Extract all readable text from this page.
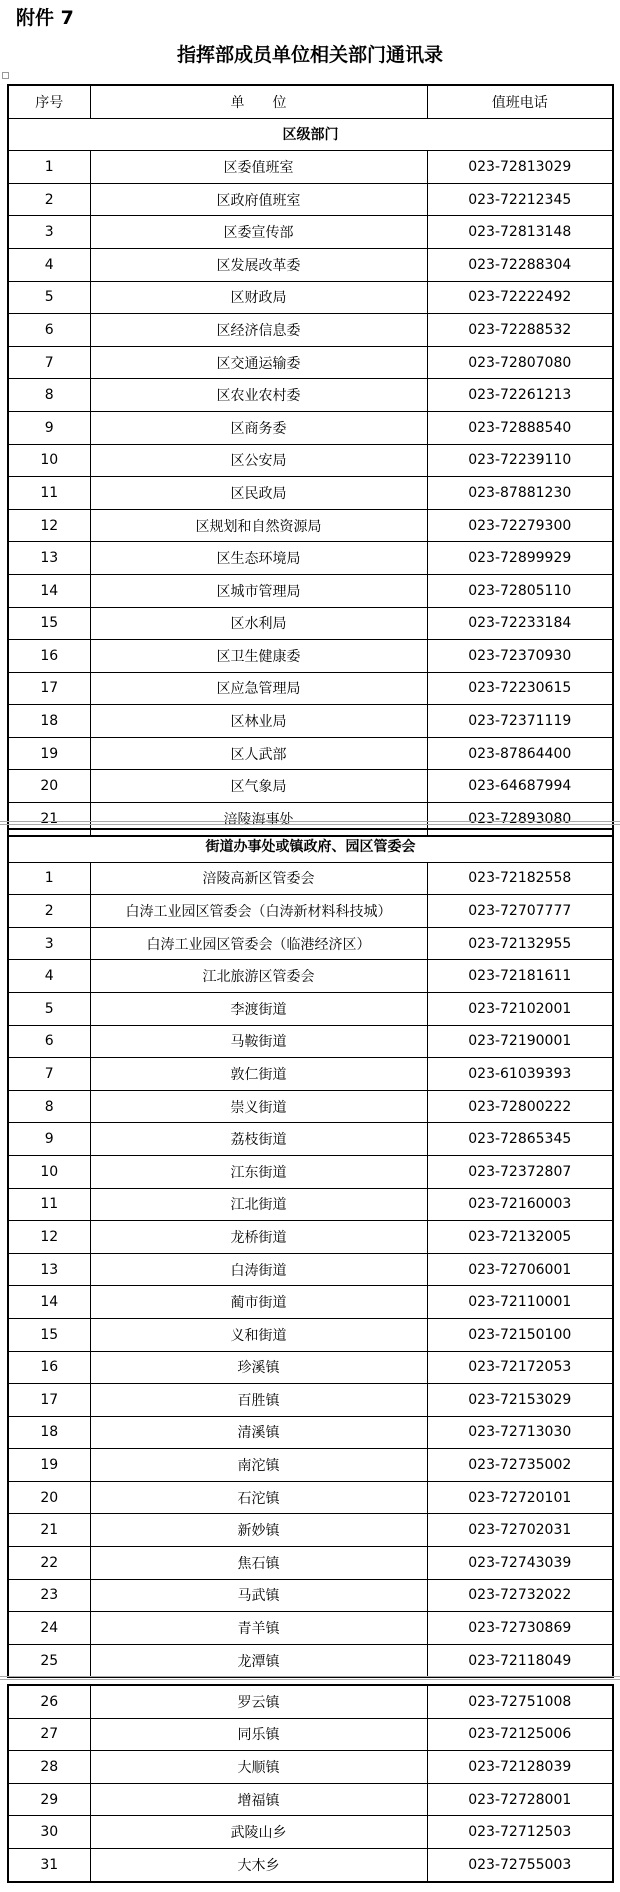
附件 7
指挥部成员单位相关部门通讯录
序号	单　　位	值班电话
区级部门		
1	区委值班室	023-72813029
2	区政府值班室	023-72212345
3	区委宣传部	023-72813148
4	区发展改革委	023-72288304
5	区财政局	023-72222492
6	区经济信息委	023-72288532
7	区交通运输委	023-72807080
8	区农业农村委	023-72261213
9	区商务委	023-72888540
10	区公安局	023-72239110
11	区民政局	023-87881230
12	区规划和自然资源局	023-72279300
13	区生态环境局	023-72899929
14	区城市管理局	023-72805110
15	区水利局	023-72233184
16	区卫生健康委	023-72370930
17	区应急管理局	023-72230615
18	区林业局	023-72371119
19	区人武部	023-87864400
20	区气象局	023-64687994
21	涪陵海事处	023-72893080
街道办事处或镇政府、园区管委会		
1	涪陵高新区管委会	023-72182558
2	白涛工业园区管委会（白涛新材料科技城）	023-72707777
3	白涛工业园区管委会（临港经济区）	023-72132955
4	江北旅游区管委会	023-72181611
5	李渡街道	023-72102001
6	马鞍街道	023-72190001
7	敦仁街道	023-61039393
8	崇义街道	023-72800222
9	荔枝街道	023-72865345
10	江东街道	023-72372807
11	江北街道	023-72160003
12	龙桥街道	023-72132005
13	白涛街道	023-72706001
14	蔺市街道	023-72110001
15	义和街道	023-72150100
16	珍溪镇	023-72172053
17	百胜镇	023-72153029
18	清溪镇	023-72713030
19	南沱镇	023-72735002
20	石沱镇	023-72720101
21	新妙镇	023-72702031
22	焦石镇	023-72743039
23	马武镇	023-72732022
24	青羊镇	023-72730869
25	龙潭镇	023-72118049
26	罗云镇	023-72751008
27	同乐镇	023-72125006
28	大顺镇	023-72128039
29	增福镇	023-72728001
30	武陵山乡	023-72712503
31	大木乡	023-72755003
